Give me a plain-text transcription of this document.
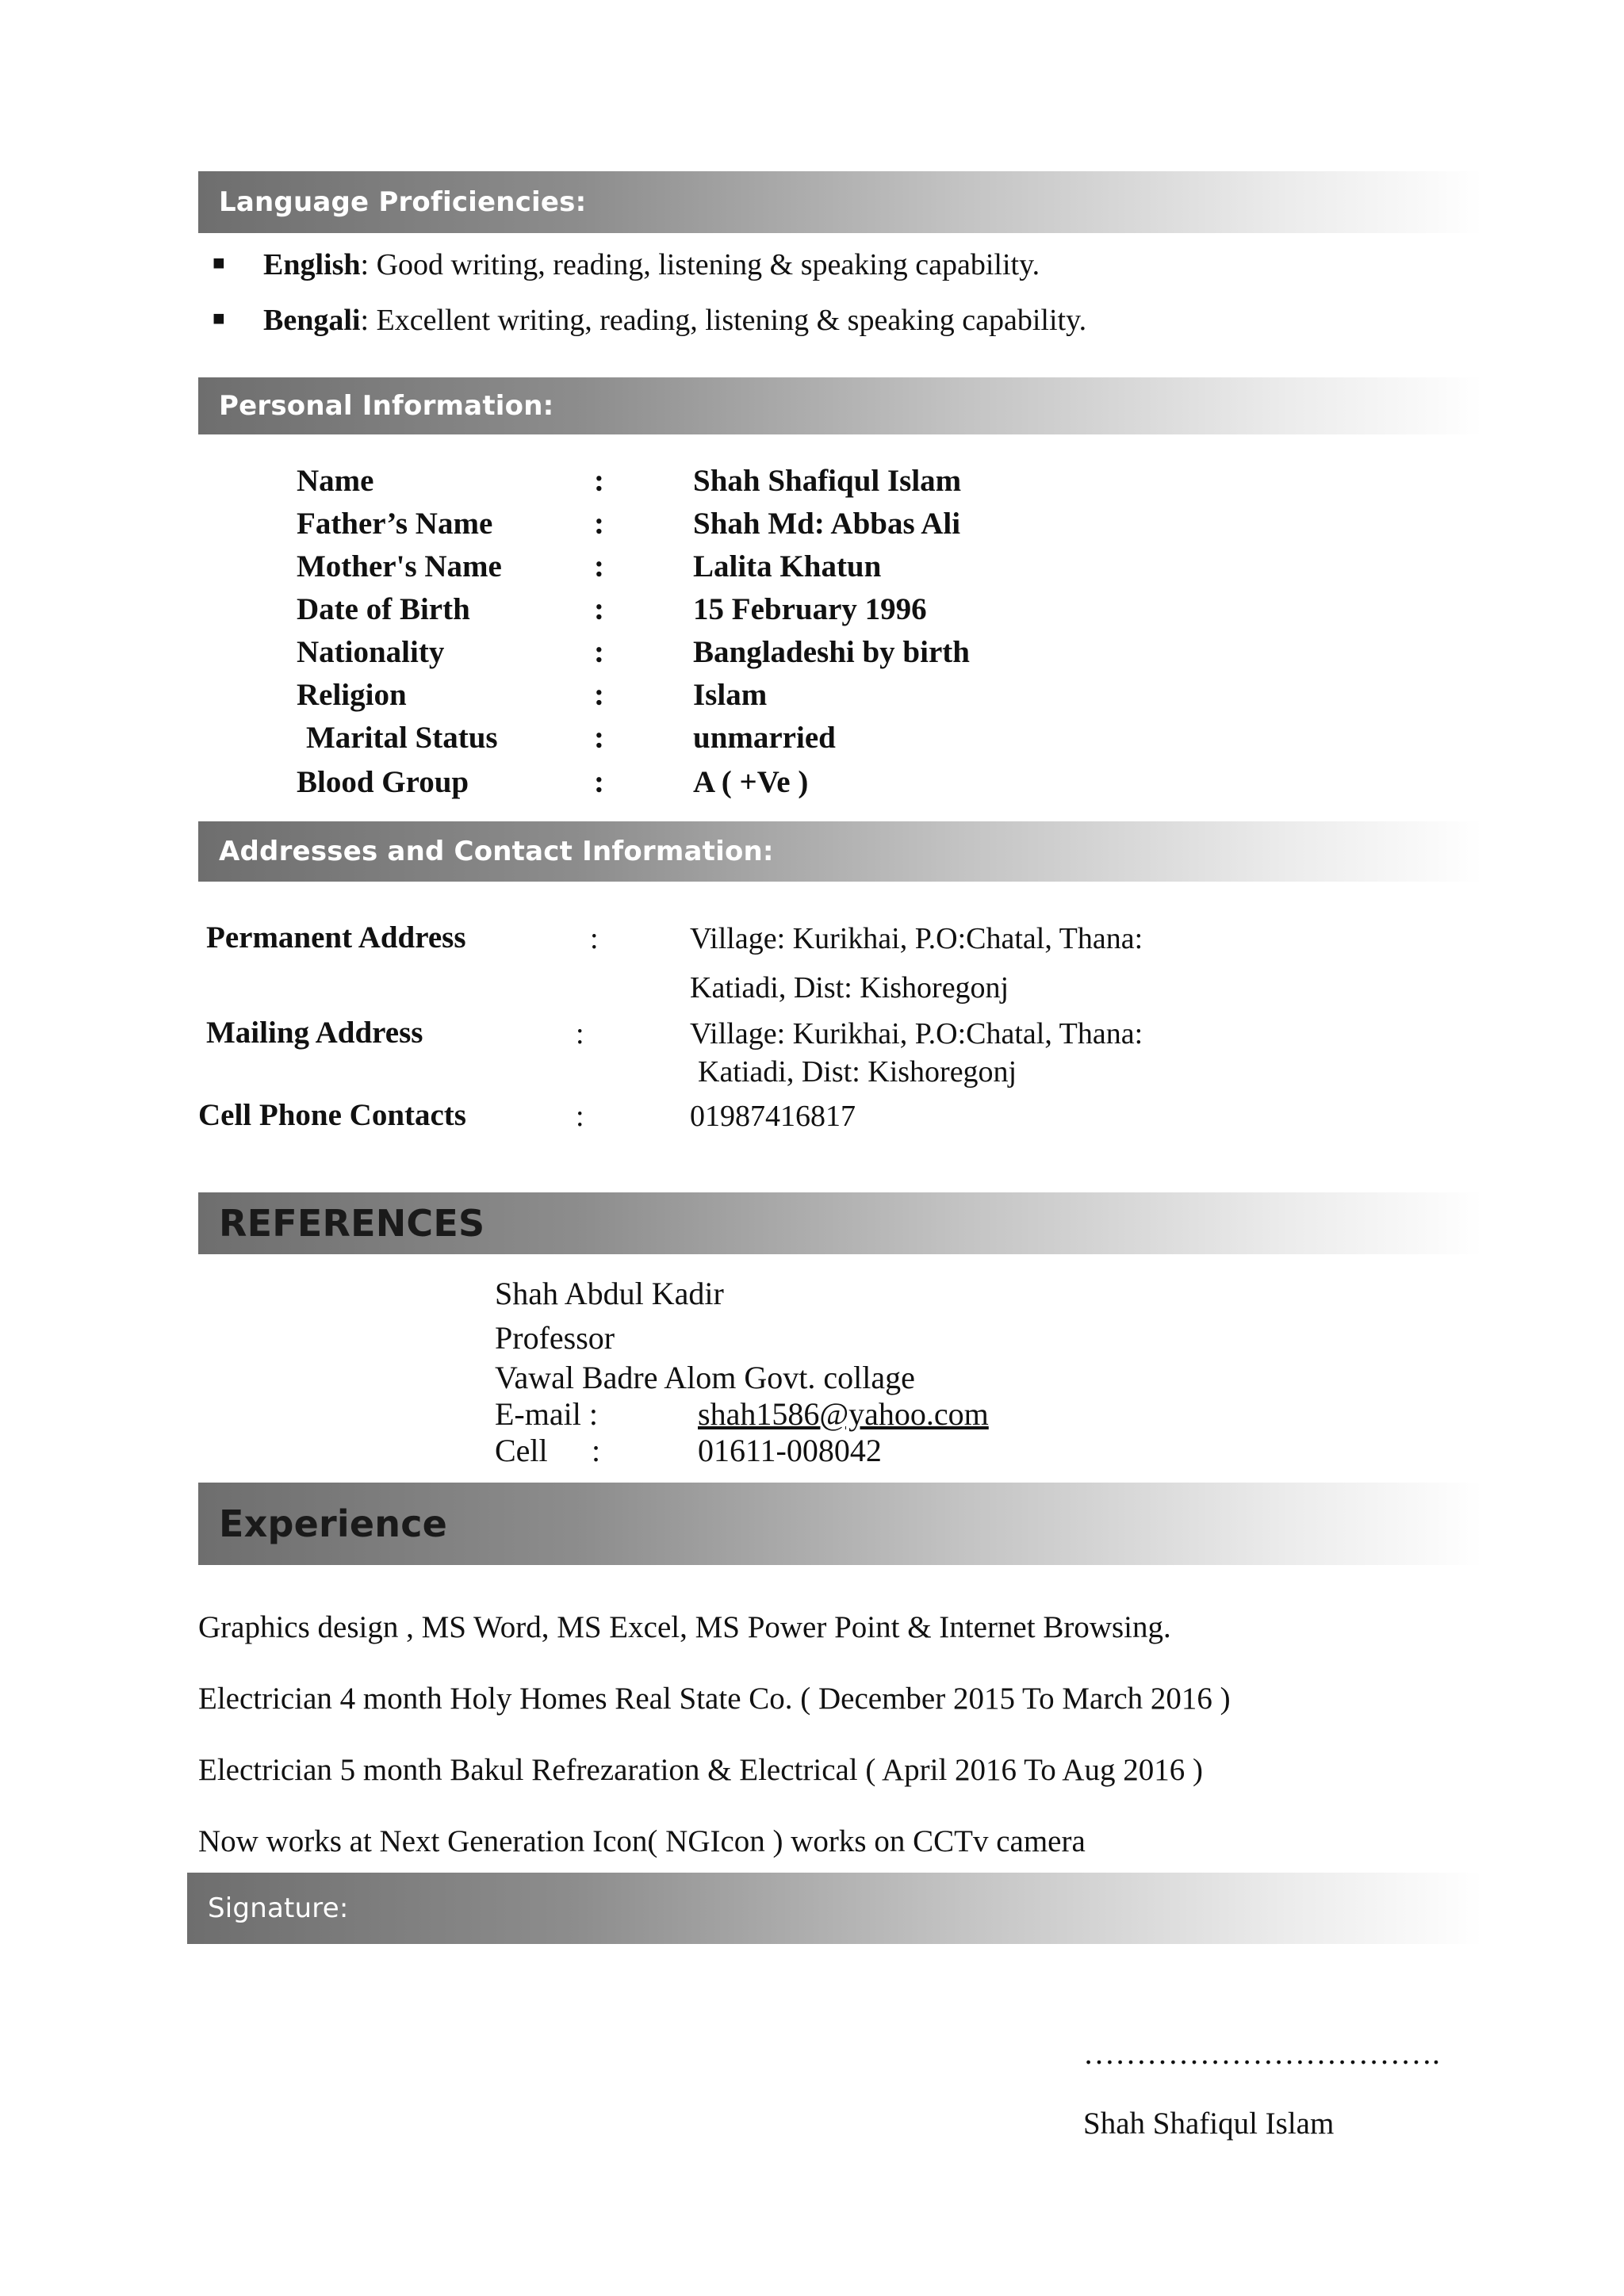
Language Proficiencies:
■	English : Good writing, reading, listening & speaking capability.
■	Bengali : Excellent writing, reading, listening & speaking capability.
Personal Information:
Name	:	Shah Shafiqul Islam
Father’s Name	:	Shah Md: Abbas Ali
Mother's Name	:	Lalita Khatun
Date of Birth	:	15 February 1996
Nationality	:	Bangladeshi by birth
Religion	:	Islam
Marital Status	:	unmarried
Blood Group	:	A ( +Ve )
Addresses and Contact Information:
Permanent Address	:	Village: Kurikhai, P.O:Chatal, Thana:
Katiadi, Dist: Kishoregonj
Mailing Address	:	Village: Kurikhai, P.O:Chatal, Thana:
Katiadi, Dist: Kishoregonj
Cell Phone Contacts	:	01987416817
REFERENCES
Shah Abdul Kadir
Professor
Vawal Badre Alom Govt. collage
E-mail :	shah1586@yahoo.com
Cell :	01611-008042
Experience
Graphics design , MS Word, MS Excel, MS Power Point & Internet Browsing.
Electrician 4 month Holy Homes Real State Co. ( December 2015 To March 2016 )
Electrician 5 month Bakul Refrezaration & Electrical ( April 2016 To Aug 2016 )
Now works at Next Generation Icon( NGIcon ) works on CCTv camera
Signature:
…………………………….
Shah Shafiqul Islam
